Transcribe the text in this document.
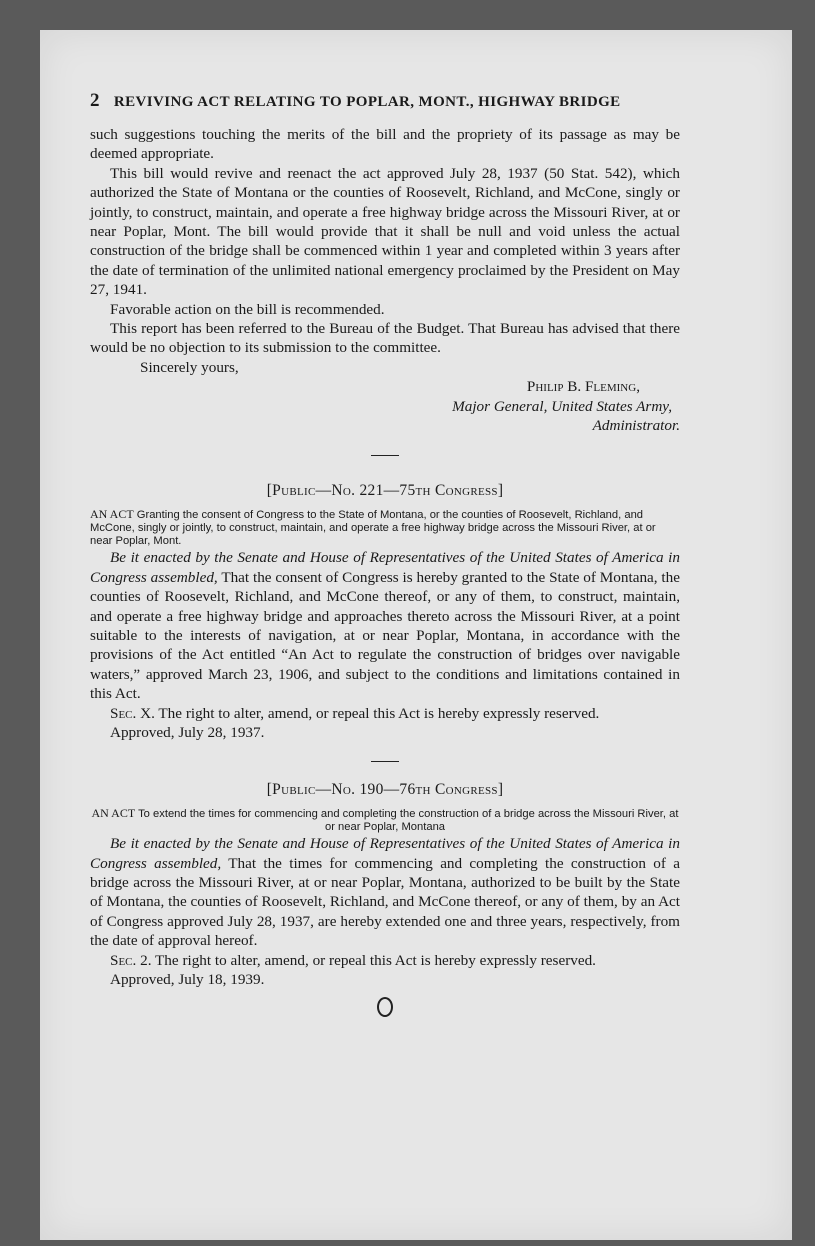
2 REVIVING ACT RELATING TO POPLAR, MONT., HIGHWAY BRIDGE

such suggestions touching the merits of the bill and the propriety of its passage as may be deemed appropriate.

This bill would revive and reenact the act approved July 28, 1937 (50 Stat. 542), which authorized the State of Montana or the counties of Roosevelt, Richland, and McCone, singly or jointly, to construct, maintain, and operate a free highway bridge across the Missouri River, at or near Poplar, Mont. The bill would provide that it shall be null and void unless the actual construction of the bridge shall be commenced within 1 year and completed within 3 years after the date of termination of the unlimited national emergency proclaimed by the President on May 27, 1941.

Favorable action on the bill is recommended.

This report has been referred to the Bureau of the Budget. That Bureau has advised that there would be no objection to its submission to the committee.

Sincerely yours,

Philip B. Fleming,
Major General, United States Army,
Administrator.
[Public—No. 221—75th Congress]

AN ACT Granting the consent of Congress to the State of Montana, or the counties of Roosevelt, Richland, and McCone, singly or jointly, to construct, maintain, and operate a free highway bridge across the Missouri River, at or near Poplar, Mont.

Be it enacted by the Senate and House of Representatives of the United States of America in Congress assembled, That the consent of Congress is hereby granted to the State of Montana, the counties of Roosevelt, Richland, and McCone thereof, or any of them, to construct, maintain, and operate a free highway bridge and approaches thereto across the Missouri River, at a point suitable to the interests of navigation, at or near Poplar, Montana, in accordance with the provisions of the Act entitled “An Act to regulate the construction of bridges over navigable waters,” approved March 23, 1906, and subject to the conditions and limitations contained in this Act.

Sec. X. The right to alter, amend, or repeal this Act is hereby expressly reserved.

Approved, July 28, 1937.

[Public—No. 190—76th Congress]

AN ACT To extend the times for commencing and completing the construction of a bridge across the Missouri River, at or near Poplar, Montana

Be it enacted by the Senate and House of Representatives of the United States of America in Congress assembled, That the times for commencing and completing the construction of a bridge across the Missouri River, at or near Poplar, Montana, authorized to be built by the State of Montana, the counties of Roosevelt, Richland, and McCone thereof, or any of them, by an Act of Congress approved July 28, 1937, are hereby extended one and three years, respectively, from the date of approval hereof.

Sec. 2. The right to alter, amend, or repeal this Act is hereby expressly reserved.

Approved, July 18, 1939.
